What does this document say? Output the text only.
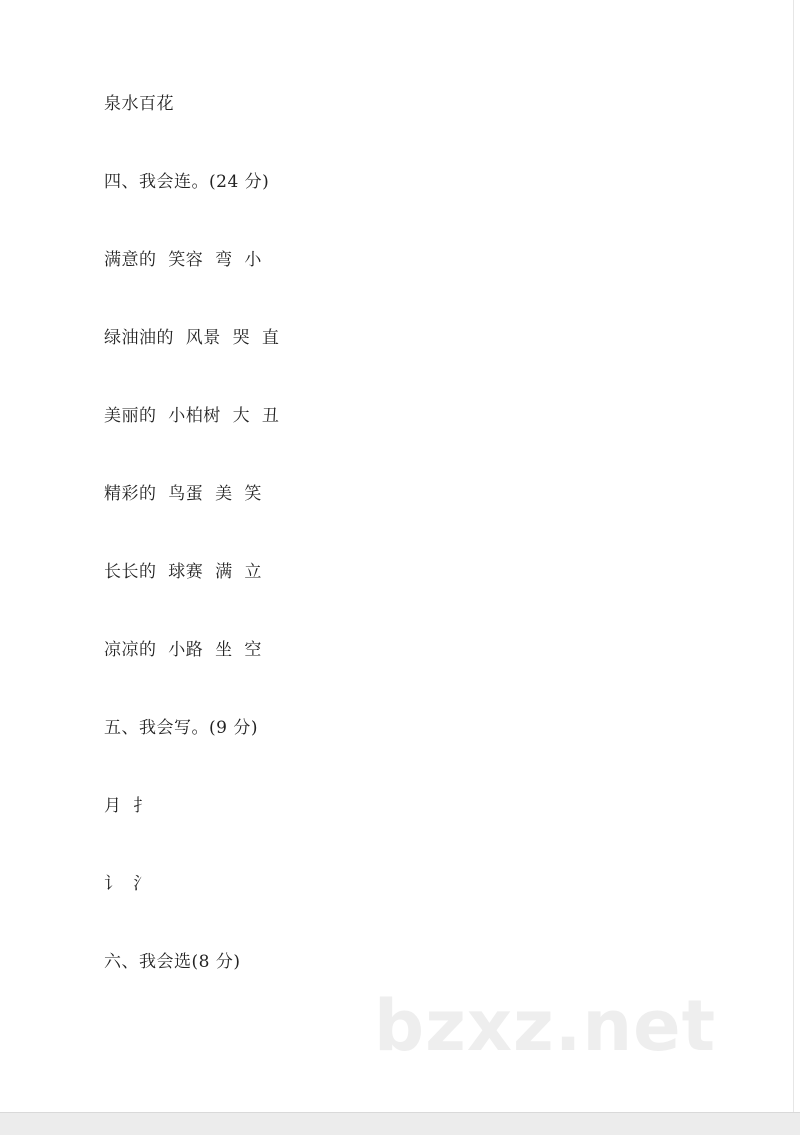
泉水百花
四、我会连。(24 分)
满意的  笑容  弯  小
绿油油的  风景  哭  直
美丽的  小柏树  大  丑
精彩的  鸟蛋  美  笑
长长的  球赛  满  立
凉凉的  小路  坐  空
五、我会写。(9 分)
月  扌
讠  氵
六、我会选(8 分)
bzxz.net
